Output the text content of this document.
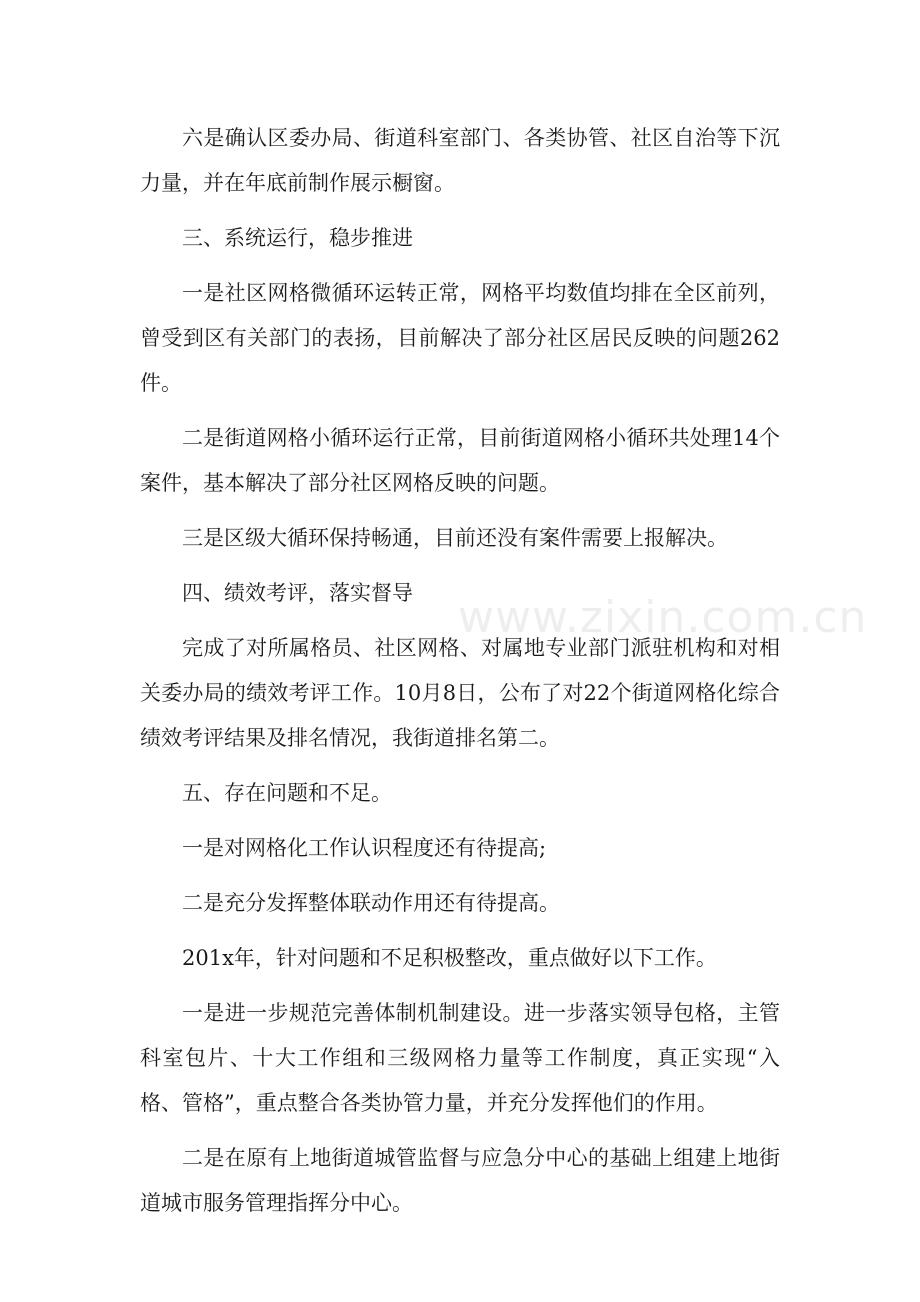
六是确认区委办局、街道科室部门、各类协管、社区自治等下沉力量，并在年底前制作展示橱窗。

三、系统运行，稳步推进

一是社区网格微循环运转正常，网格平均数值均排在全区前列，曾受到区有关部门的表扬，目前解决了部分社区居民反映的问题262件。

二是街道网格小循环运行正常，目前街道网格小循环共处理14个案件，基本解决了部分社区网格反映的问题。

三是区级大循环保持畅通，目前还没有案件需要上报解决。

四、绩效考评，落实督导

完成了对所属格员、社区网格、对属地专业部门派驻机构和对相关委办局的绩效考评工作。10月8日，公布了对22个街道网格化综合绩效考评结果及排名情况，我街道排名第二。

五、存在问题和不足。

一是对网格化工作认识程度还有待提高;

二是充分发挥整体联动作用还有待提高。

201x年，针对问题和不足积极整改，重点做好以下工作。

一是进一步规范完善体制机制建设。进一步落实领导包格，主管科室包片、十大工作组和三级网格力量等工作制度，真正实现“入格、管格”，重点整合各类协管力量，并充分发挥他们的作用。

二是在原有上地街道城管监督与应急分中心的基础上组建上地街道城市服务管理指挥分中心。

www.zixin.com.cn
